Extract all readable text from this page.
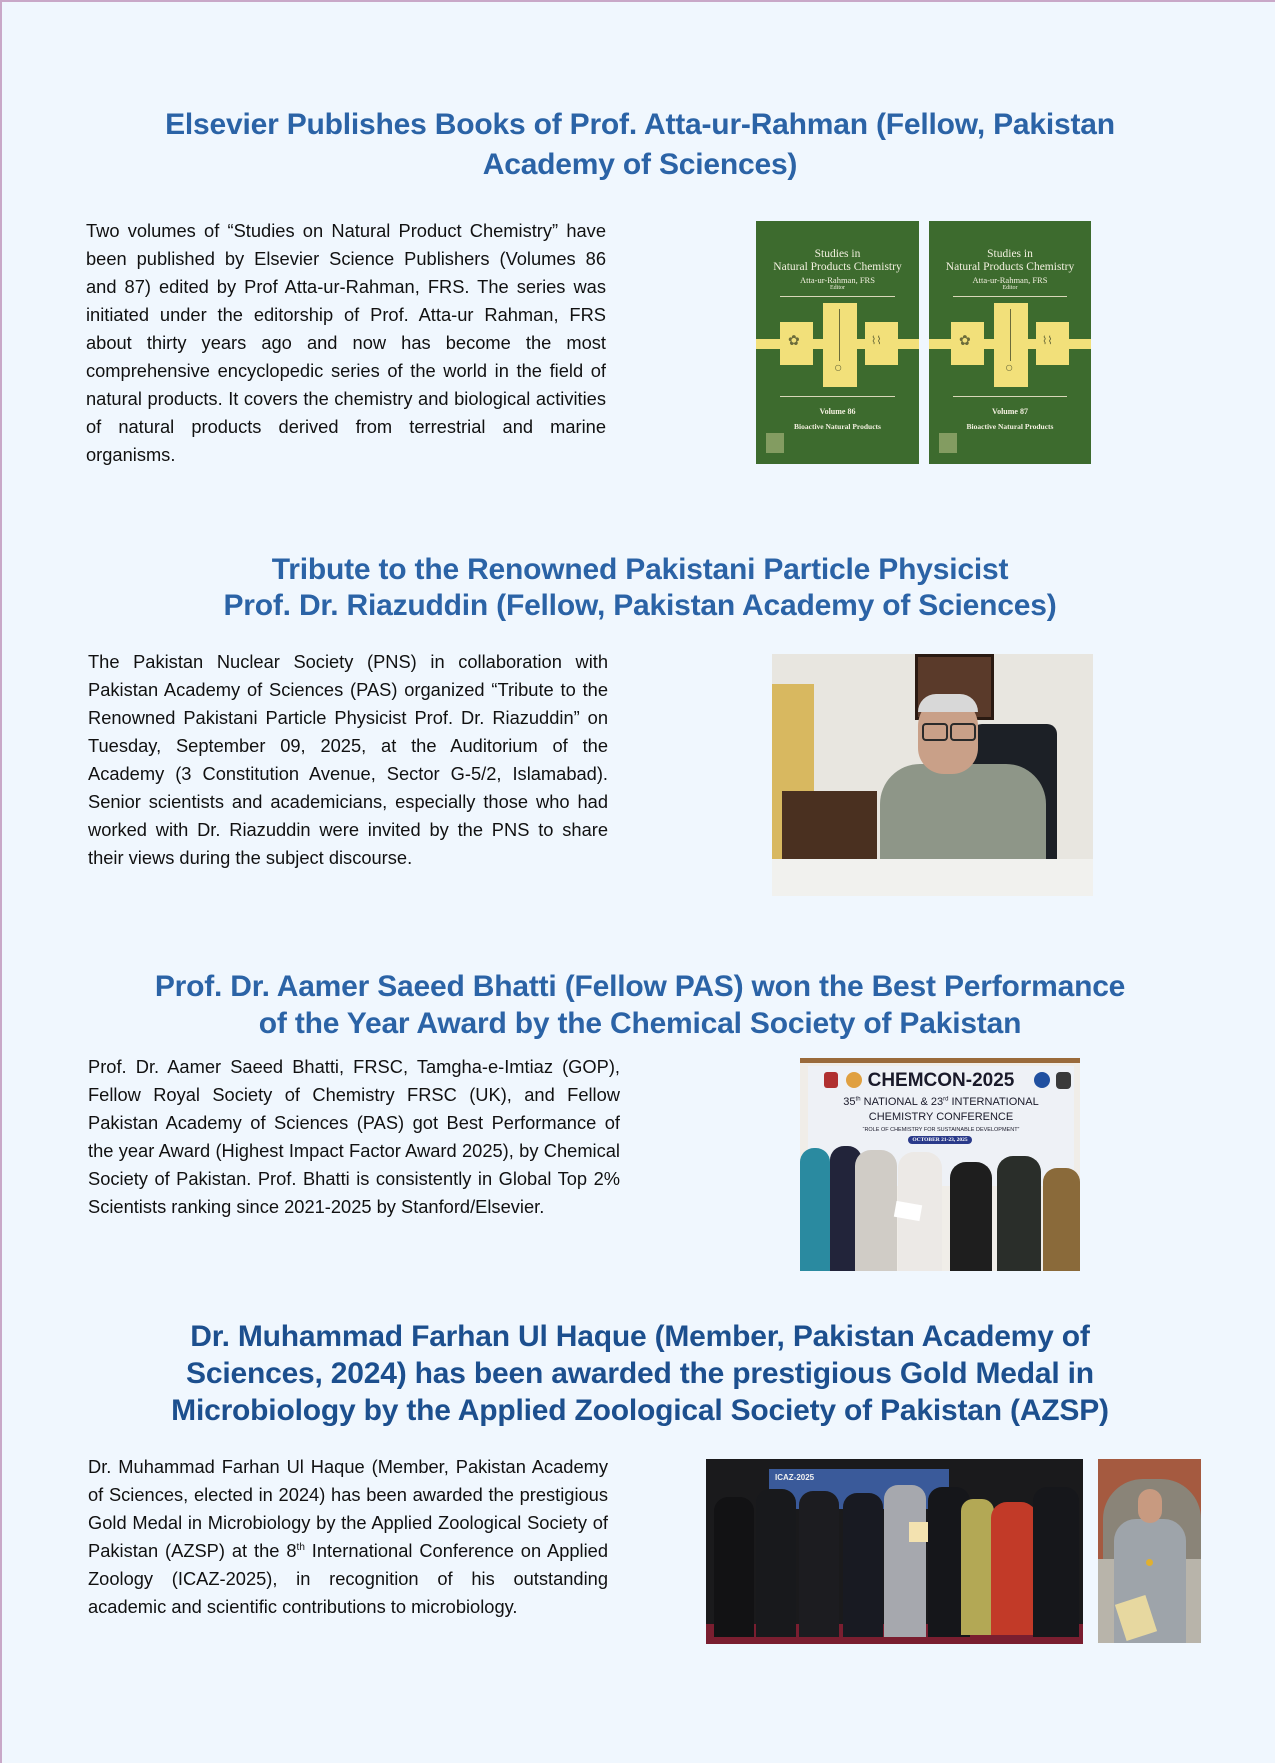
Elsevier Publishes Books of Prof. Atta-ur-Rahman (Fellow, Pakistan
Academy of Sciences)
Two volumes of “Studies on Natural Product Chemistry” have been published by Elsevier Science Publishers (Volumes 86 and 87) edited by Prof Atta-ur-Rahman, FRS. The series was initiated under the editorship of Prof. Atta-ur Rahman, FRS about thirty years ago and now has become the most comprehensive encyclopedic series of the world in the field of natural products. It covers the chemistry and biological activities of natural products derived from terrestrial and marine organisms.
Studies in
Natural Products Chemistry
Atta-ur-Rahman, FRS
Editor
✿
○
⌇⌇
Volume 86
Bioactive Natural Products
Studies in
Natural Products Chemistry
Atta-ur-Rahman, FRS
Editor
✿
○
⌇⌇
Volume 87
Bioactive Natural Products
Tribute to the Renowned Pakistani Particle Physicist
Prof. Dr. Riazuddin (Fellow, Pakistan Academy of Sciences)
The Pakistan Nuclear Society (PNS) in collaboration with Pakistan Academy of Sciences (PAS) organized “Tribute to the Renowned Pakistani Particle Physicist Prof. Dr. Riazuddin” on Tuesday, September 09, 2025, at the Auditorium of the Academy (3 Constitution Avenue, Sector G-5/2, Islamabad). Senior scientists and academicians, especially those who had worked with Dr. Riazuddin were invited by the PNS to share their views during the subject discourse.
Prof. Dr. Aamer Saeed Bhatti (Fellow PAS) won the Best Performance
of the Year Award by the Chemical Society of Pakistan
Prof. Dr. Aamer Saeed Bhatti, FRSC, Tamgha-e-Imtiaz (GOP), Fellow Royal Society of Chemistry FRSC (UK), and Fellow Pakistan Academy of Sciences (PAS) got Best Performance of the year Award (Highest Impact Factor Award 2025), by Chemical Society of Pakistan. Prof. Bhatti is consistently in Global Top 2% Scientists ranking since 2021-2025 by Stanford/Elsevier.
CHEMCON-2025
35th NATIONAL & 23rd INTERNATIONAL
CHEMISTRY CONFERENCE
“ROLE OF CHEMISTRY FOR SUSTAINABLE DEVELOPMENT”
OCTOBER 21-23, 2025
Dr. Muhammad Farhan Ul Haque (Member, Pakistan Academy of
Sciences, 2024) has been awarded the prestigious Gold Medal in
Microbiology by the Applied Zoological Society of Pakistan (AZSP)
Dr. Muhammad Farhan Ul Haque (Member, Pakistan Academy of Sciences, elected in 2024) has been awarded the prestigious Gold Medal in Microbiology by the Applied Zoological Society of Pakistan (AZSP) at the 8th International Conference on Applied Zoology (ICAZ-2025), in recognition of his outstanding academic and scientific contributions to microbiology.
ICAZ-2025
